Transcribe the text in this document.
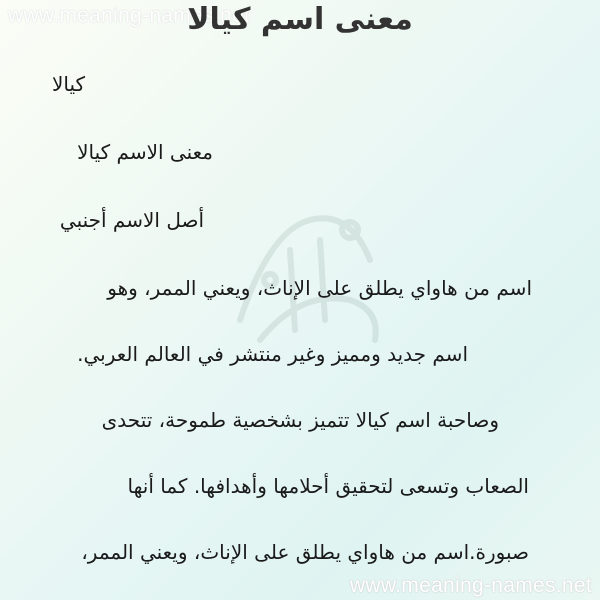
www.meaning-names.net
معنى اسم كيالا
كيالا
معنى الاسم كيالا
أصل الاسم أجنبي
اسم من هاواي يطلق على الإناث، ويعني الممر، وهو
اسم جديد ومميز وغير منتشر في العالم العربي.
وصاحبة اسم كيالا تتميز بشخصية طموحة، تتحدى
الصعاب وتسعى لتحقيق أحلامها وأهدافها. كما أنها
صبورة.اسم من هاواي يطلق على الإناث، ويعني الممر،
www.meaning-names.net
